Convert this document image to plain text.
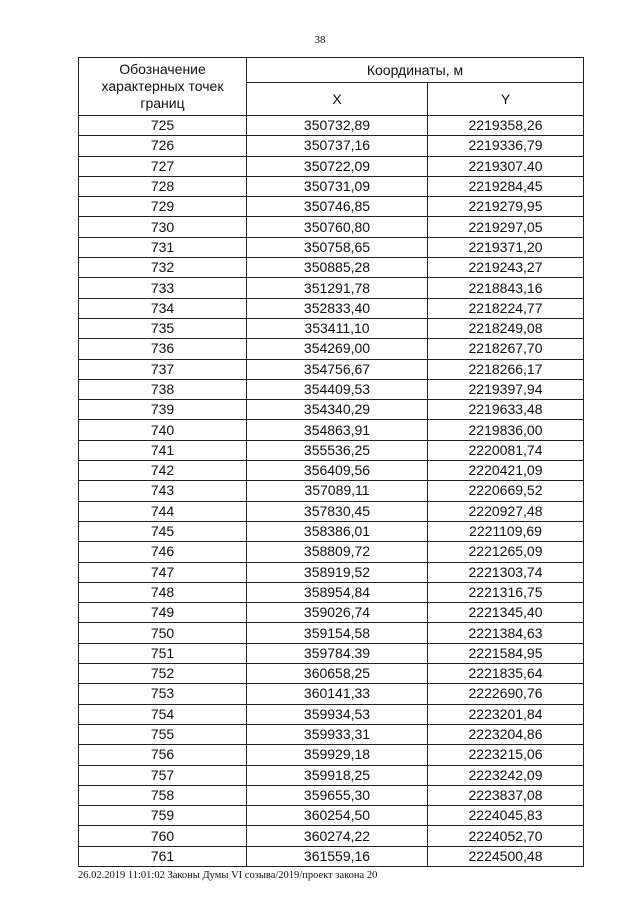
38
Обозначение характерных точек границ	Координаты, м	
	X	Y
725	350732,89	2219358,26
726	350737,16	2219336,79
727	350722,09	2219307.40
728	350731,09	2219284,45
729	350746,85	2219279,95
730	350760,80	2219297,05
731	350758,65	2219371,20
732	350885,28	2219243,27
733	351291,78	2218843,16
734	352833,40	2218224,77
735	353411,10	2218249,08
736	354269,00	2218267,70
737	354756,67	2218266,17
738	354409,53	2219397,94
739	354340,29	2219633,48
740	354863,91	2219836,00
741	355536,25	2220081,74
742	356409,56	2220421,09
743	357089,11	2220669,52
744	357830,45	2220927,48
745	358386,01	2221109,69
746	358809,72	2221265,09
747	358919,52	2221303,74
748	358954,84	2221316,75
749	359026,74	2221345,40
750	359154,58	2221384,63
751	359784.39	2221584,95
752	360658,25	2221835,64
753	360141,33	2222690,76
754	359934,53	2223201,84
755	359933,31	2223204,86
756	359929,18	2223215,06
757	359918,25	2223242,09
758	359655,30	2223837,08
759	360254,50	2224045,83
760	360274,22	2224052,70
761	361559,16	2224500,48
26.02.2019 11:01:02 Законы Думы VI созыва/2019/проект закона 20
